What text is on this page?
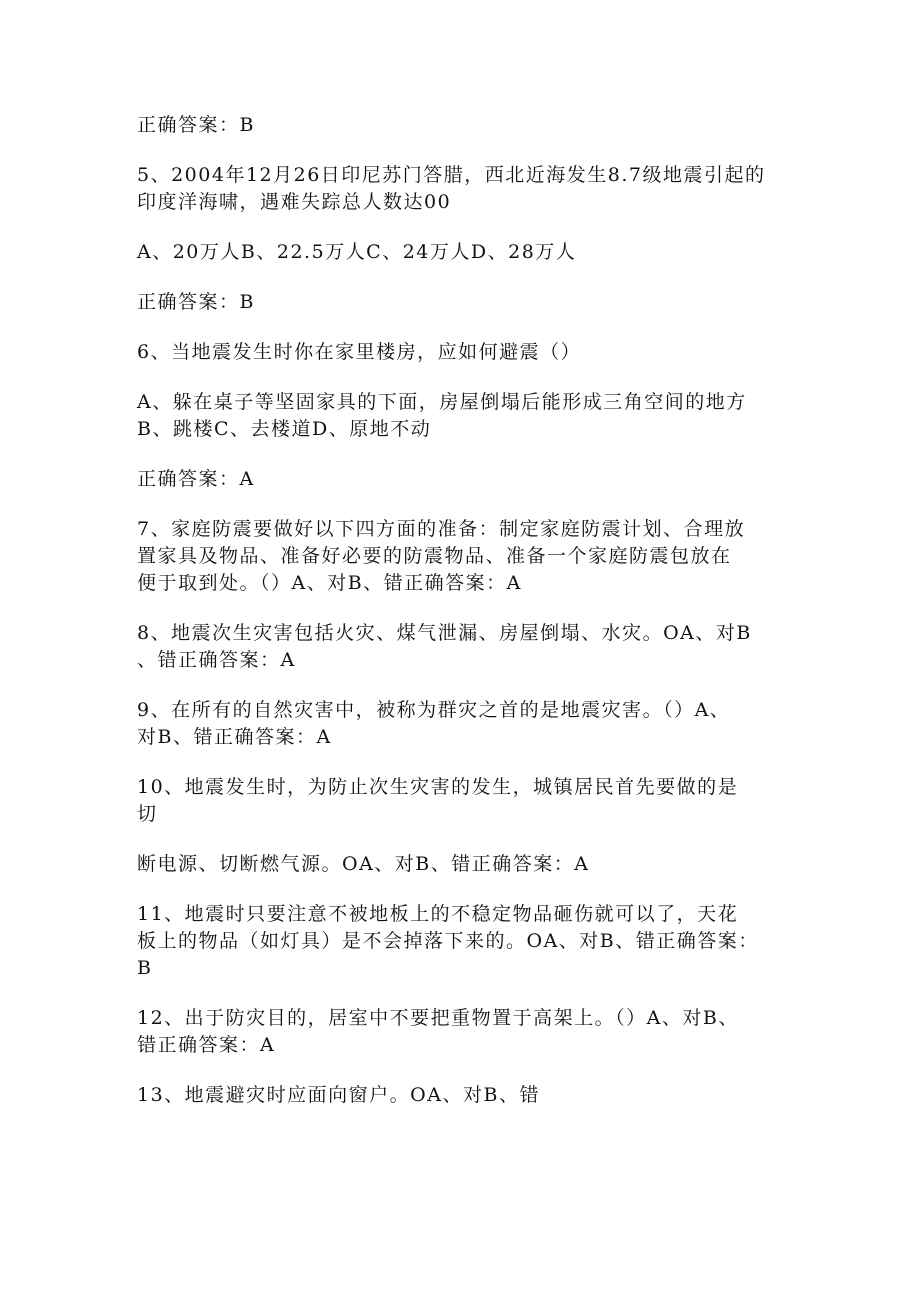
正确答案：B

5、2004年12月26日印尼苏门答腊，西北近海发生8.7级地震引起的
印度洋海啸，遇难失踪总人数达00

A、20万人B、22.5万人C、24万人D、28万人

正确答案：B

6、当地震发生时你在家里楼房，应如何避震（）

A、躲在桌子等坚固家具的下面，房屋倒塌后能形成三角空间的地方
B、跳楼C、去楼道D、原地不动

正确答案：A

7、家庭防震要做好以下四方面的准备：制定家庭防震计划、合理放
置家具及物品、准备好必要的防震物品、准备一个家庭防震包放在
便于取到处。（）A、对B、错正确答案：A

8、地震次生灾害包括火灾、煤气泄漏、房屋倒塌、水灾。OA、对B
、错正确答案：A

9、在所有的自然灾害中，被称为群灾之首的是地震灾害。（）A、
对B、错正确答案：A

10、地震发生时，为防止次生灾害的发生，城镇居民首先要做的是
切

断电源、切断燃气源。OA、对B、错正确答案：A

11、地震时只要注意不被地板上的不稳定物品砸伤就可以了，天花
板上的物品（如灯具）是不会掉落下来的。OA、对B、错正确答案：
B

12、出于防灾目的，居室中不要把重物置于高架上。（）A、对B、
错正确答案：A

13、地震避灾时应面向窗户。OA、对B、错
